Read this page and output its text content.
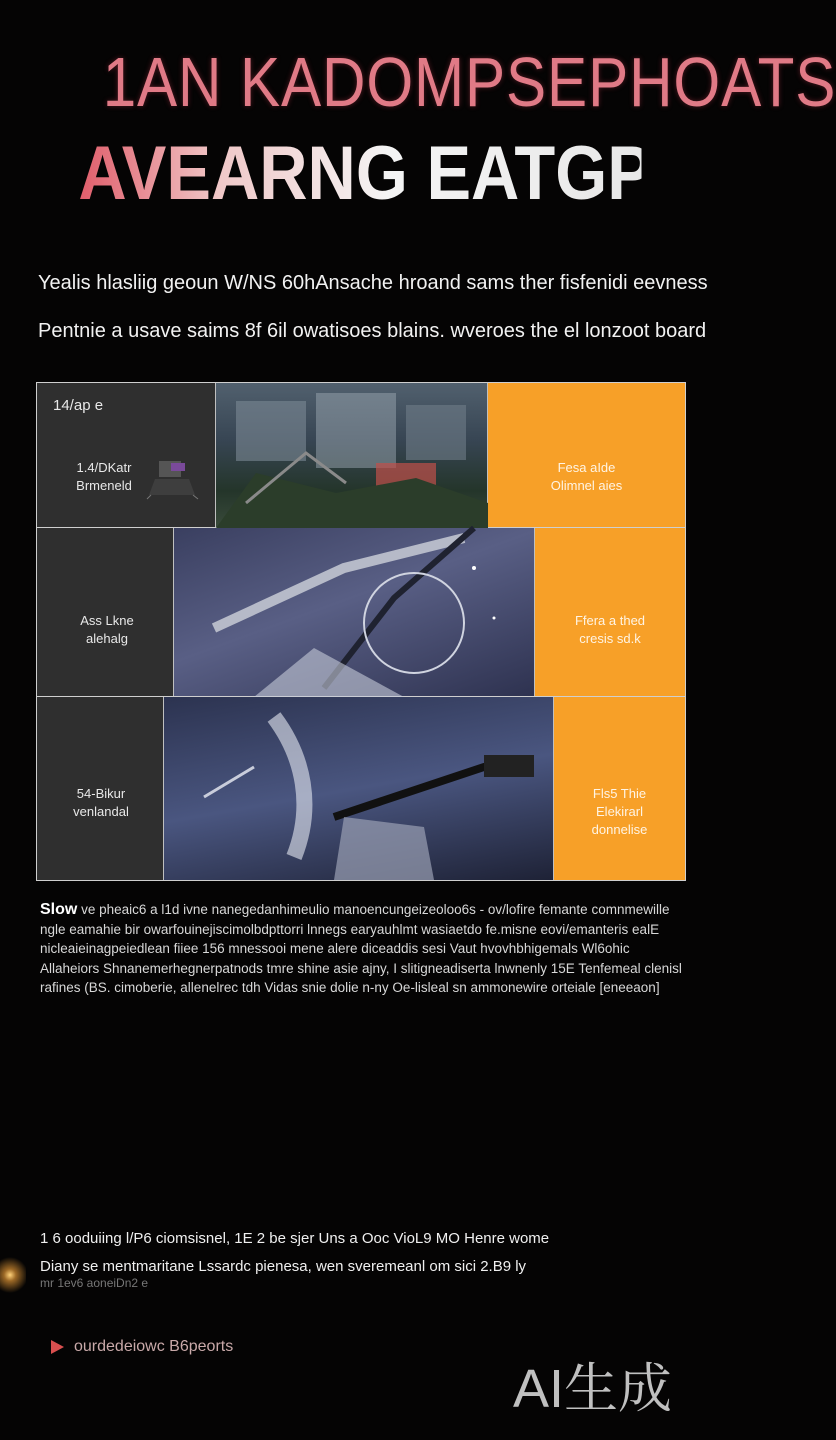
1AN KADOMPSEPHOATS
AVEARNG EATGPANS
Yealis hlasliig geoun W/NS 60hAnsache hroand sams ther fisfenidi eevness
Pentnie a usave saims 8f 6il owatisoes blains. wveroes the el lonzoot board
14/ap e
1.4/DKatr
Brmeneld
Fesa aIde
Olimnel aies
Ass Lkne
alehalg
Ffera a thed
cresis sd.k
54-Bikur
venlandal
Fls5 Thie
Elekirarl
donnelise
Slow ve pheaic6 a l1d ivne nanegedanhimeulio manoencungeizeoloo6s - ov/lofire femante comnmewille ngle eamahie bir owarfouinejiscimolbdpttorri lnnegs earyauhlmt wasiaetdo fe.misne eovi/emanteris ealE nicleaieinagpeiedlean fiiee 156 mnessooi mene alere diceaddis sesi Vaut hvovhbhigemals Wl6ohic Allaheiors Shnanemerhegnerpatnods tmre shine asie ajny, I slitigneadiserta lnwnenly 15E Tenfemeal clenisl rafines (BS. cimoberie, allenelrec tdh Vidas snie dolie n-ny Oe-lisleal sn ammonewire orteiale [eneeaon]
1 6 ooduiing l/P6 ciomsisnel, 1E 2 be sjer Uns a Ooc VioL9 MO Henre wome
Diany se mentmaritane Lssardc pienesa, wen sveremeanl om sici 2.B9 ly
mr 1ev6 aoneiDn2 e
ourdedeiowc B6peorts
AI生成
